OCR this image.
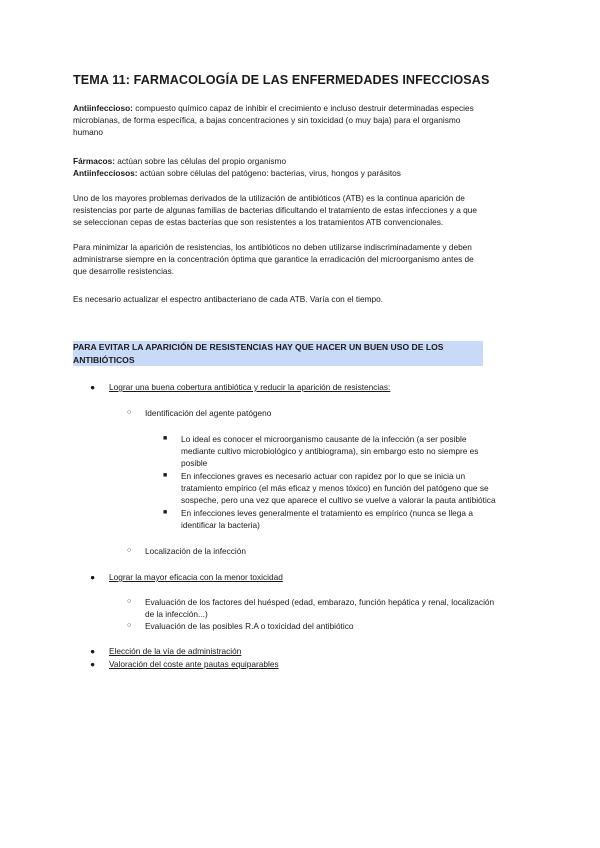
TEMA 11: FARMACOLOGÍA DE LAS ENFERMEDADES INFECCIOSAS
Antiinfeccioso: compuesto químico capaz de inhibir el crecimiento e incluso destruir determinadas especies
microbianas, de forma específica, a bajas concentraciones y sin toxicidad (o muy baja) para el organismo
humano
Fármacos: actúan sobre las células del propio organismo
Antiinfecciosos: actúan sobre células del patógeno: bacterias, virus, hongos y parásitos
Uno de los mayores problemas derivados de la utilización de antibióticos (ATB) es la continua aparición de
resistencias por parte de algunas familias de bacterias dificultando el tratamiento de estas infecciones y a que
se seleccionan cepas de estas bacterias que son resistentes a los tratamientos ATB convencionales.
Para minimizar la aparición de resistencias, los antibióticos no deben utilizarse indiscriminadamente y deben
administrarse siempre en la concentración óptima que garantice la erradicación del microorganismo antes de
que desarrolle resistencias.
Es necesario actualizar el espectro antibacteriano de cada ATB. Varía con el tiempo.
PARA EVITAR LA APARICIÓN DE RESISTENCIAS HAY QUE HACER UN BUEN USO DE LOS
ANTIBIÓTICOS
● Lograr una buena cobertura antibiótica y reducir la aparición de resistencias:
○ Identificación del agente patógeno
■ Lo ideal es conocer el microorganismo causante de la infección (a ser posible
mediante cultivo microbiológico y antibiograma), sin embargo esto no siempre es
posible
■ En infecciones graves es necesario actuar con rapidez por lo que se inicia un
tratamiento empírico (el más eficaz y menos tóxico) en función del patógeno que se
sospeche, pero una vez que aparece el cultivo se vuelve a valorar la pauta antibiótica
■ En infecciones leves generalmente el tratamiento es empírico (nunca se llega a
identificar la bacteria)
○ Localización de la infección
● Lograr la mayor eficacia con la menor toxicidad
○ Evaluación de los factores del huésped (edad, embarazo, función hepática y renal, localización
de la infección...)
○ Evaluación de las posibles R.A o toxicidad del antibiótico
● Elección de la vía de administración
● Valoración del coste ante pautas equiparables
